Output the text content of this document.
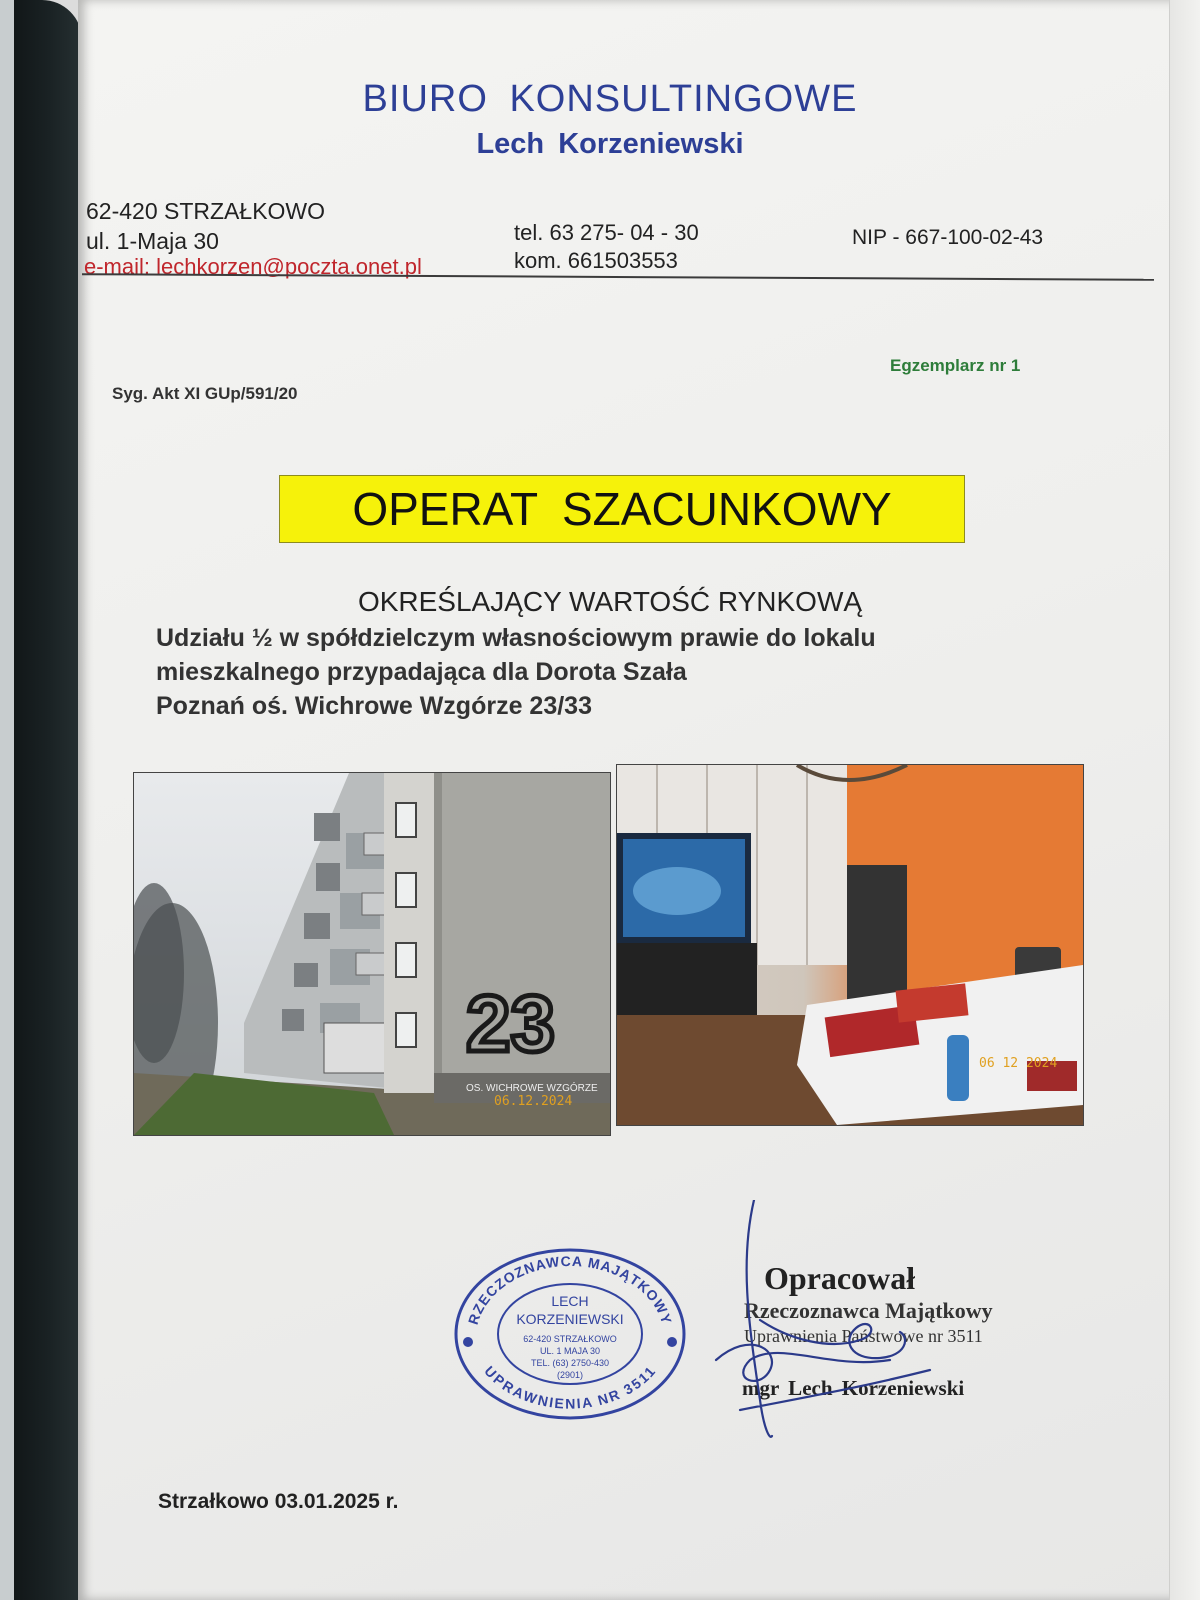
BIURO KONSULTINGOWE
Lech Korzeniewski
62-420 STRZAŁKOWO
ul. 1-Maja 30
e-mail: lechkorzen@poczta.onet.pl
tel. 63 275- 04 - 30
kom. 661503553
NIP - 667-100-02-43
Egzemplarz nr 1
Syg. Akt XI GUp/591/20
OPERAT SZACUNKOWY
OKREŚLAJĄCY WARTOŚĆ RYNKOWĄ
Udziału ½ w spółdzielczym własnościowym prawie do lokalu
mieszkalnego przypadająca dla Dorota Szała
Poznań oś. Wichrowe Wzgórze 23/33
23
OS. WICHROWE WZGÓRZE
06.12.2024
06 12 2024
RZECZOZNAWCA MAJĄTKOWY
UPRAWNIENIA NR 3511
LECH
KORZENIEWSKI
62-420 STRZAŁKOWO
UL. 1 MAJA 30
TEL. (63) 2750-430
(2901)
Opracował
Rzeczoznawca Majątkowy
Uprawnienia Państwowe nr 3511
mgr Lech Korzeniewski
Strzałkowo 03.01.2025 r.
